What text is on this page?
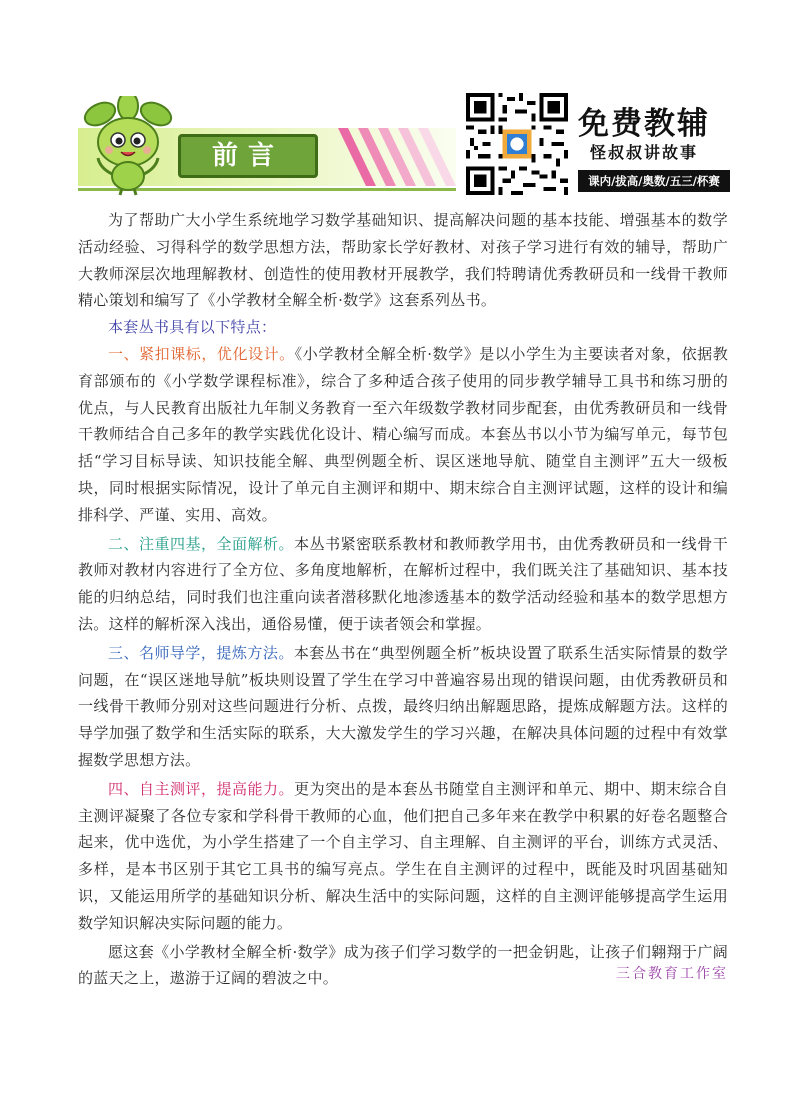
前言
免费教辅
怪叔叔讲故事
课内/拔高/奥数/五三/杯赛

为了帮助广大小学生系统地学习数学基础知识、提高解决问题的基本技能、增强基本的数学活动经验、习得科学的数学思想方法，帮助家长学好教材、对孩子学习进行有效的辅导，帮助广大教师深层次地理解教材、创造性的使用教材开展教学，我们特聘请优秀教研员和一线骨干教师精心策划和编写了《小学教材全解全析·数学》这套系列丛书。

本套丛书具有以下特点：

一、紧扣课标，优化设计。《小学教材全解全析·数学》是以小学生为主要读者对象，依据教育部颁布的《小学数学课程标准》，综合了多种适合孩子使用的同步教学辅导工具书和练习册的优点，与人民教育出版社九年制义务教育一至六年级数学教材同步配套，由优秀教研员和一线骨干教师结合自己多年的教学实践优化设计、精心编写而成。本套丛书以小节为编写单元，每节包括“学习目标导读、知识技能全解、典型例题全析、误区迷地导航、随堂自主测评”五大一级板块，同时根据实际情况，设计了单元自主测评和期中、期末综合自主测评试题，这样的设计和编排科学、严谨、实用、高效。

二、注重四基，全面解析。本丛书紧密联系教材和教师教学用书，由优秀教研员和一线骨干教师对教材内容进行了全方位、多角度地解析，在解析过程中，我们既关注了基础知识、基本技能的归纳总结，同时我们也注重向读者潜移默化地渗透基本的数学活动经验和基本的数学思想方法。这样的解析深入浅出，通俗易懂，便于读者领会和掌握。

三、名师导学，提炼方法。本套丛书在“典型例题全析”板块设置了联系生活实际情景的数学问题，在“误区迷地导航”板块则设置了学生在学习中普遍容易出现的错误问题，由优秀教研员和一线骨干教师分别对这些问题进行分析、点拨，最终归纳出解题思路，提炼成解题方法。这样的导学加强了数学和生活实际的联系，大大激发学生的学习兴趣，在解决具体问题的过程中有效掌握数学思想方法。

四、自主测评，提高能力。更为突出的是本套丛书随堂自主测评和单元、期中、期末综合自主测评凝聚了各位专家和学科骨干教师的心血，他们把自己多年来在教学中积累的好卷名题整合起来，优中选优，为小学生搭建了一个自主学习、自主理解、自主测评的平台，训练方式灵活、多样，是本书区别于其它工具书的编写亮点。学生在自主测评的过程中，既能及时巩固基础知识，又能运用所学的基础知识分析、解决生活中的实际问题，这样的自主测评能够提高学生运用数学知识解决实际问题的能力。

愿这套《小学教材全解全析·数学》成为孩子们学习数学的一把金钥匙，让孩子们翱翔于广阔的蓝天之上，遨游于辽阔的碧波之中。	三合教育工作室
